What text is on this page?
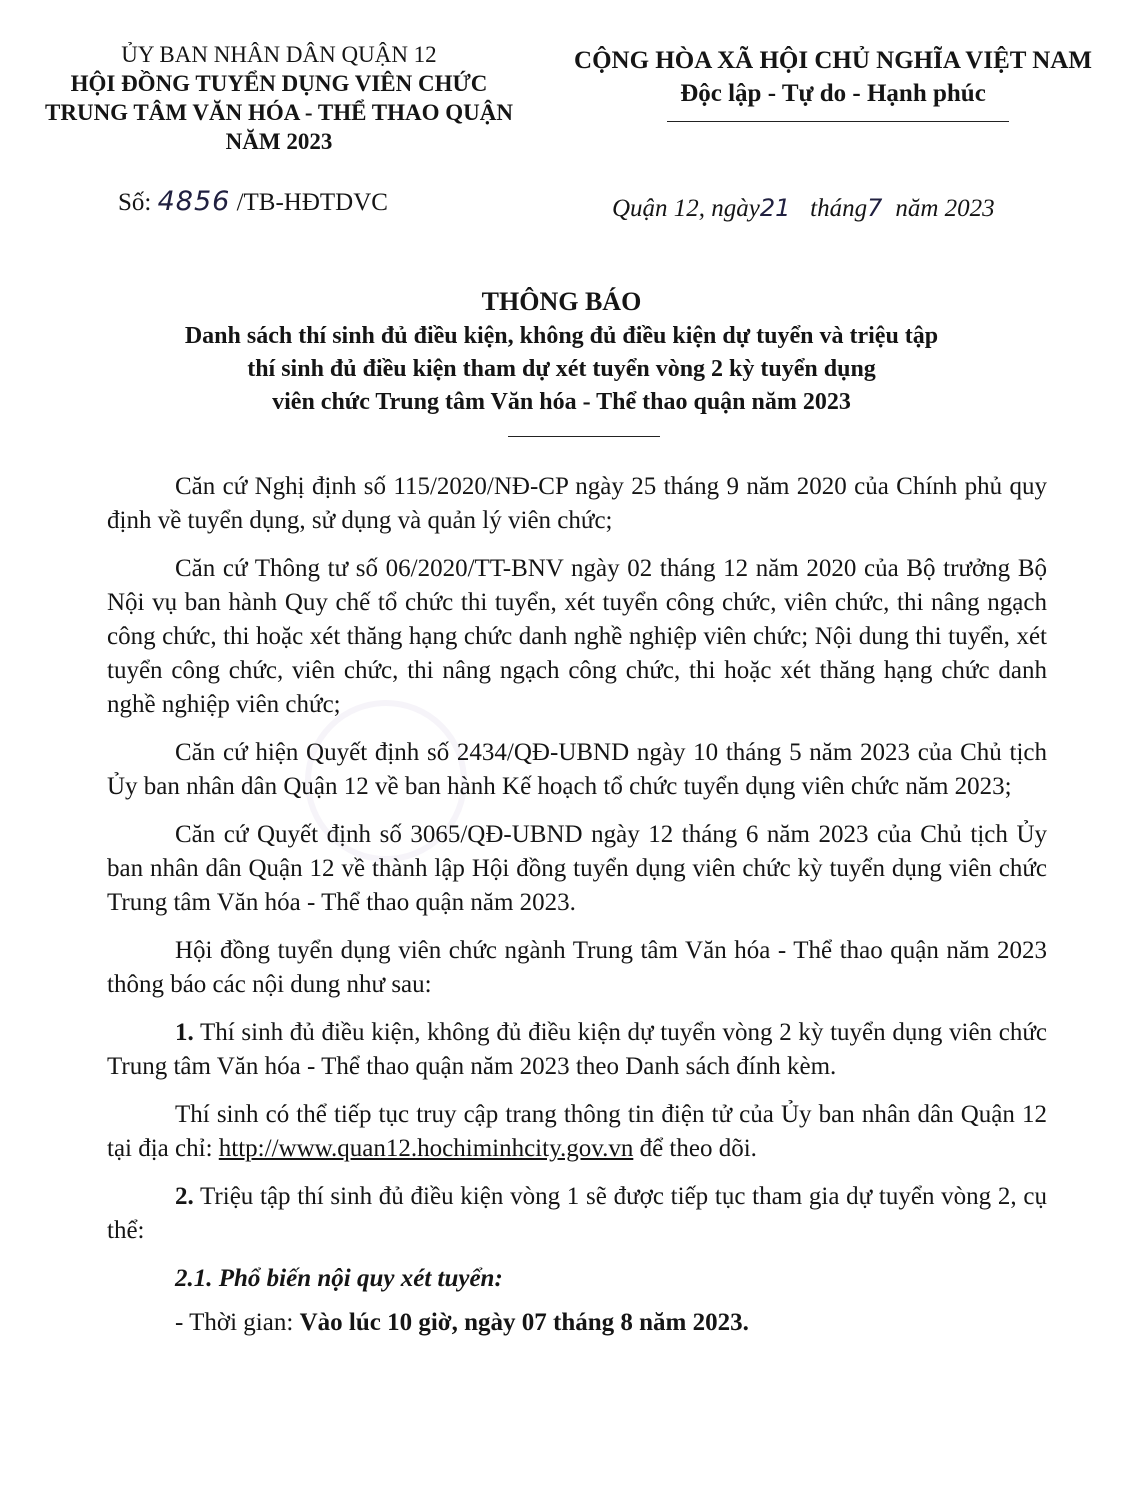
ỦY BAN NHÂN DÂN QUẬN 12
HỘI ĐỒNG TUYỂN DỤNG VIÊN CHỨC
TRUNG TÂM VĂN HÓA - THỂ THAO QUẬN
NĂM 2023
CỘNG HÒA XÃ HỘI CHỦ NGHĨA VIỆT NAM
Độc lập - Tự do - Hạnh phúc
Số: 4856 /TB-HĐTDVC	Quận 12, ngày21 tháng7 năm 2023
THÔNG BÁO
Danh sách thí sinh đủ điều kiện, không đủ điều kiện dự tuyển và triệu tập
thí sinh đủ điều kiện tham dự xét tuyển vòng 2 kỳ tuyển dụng
viên chức Trung tâm Văn hóa - Thể thao quận năm 2023

Căn cứ Nghị định số 115/2020/NĐ-CP ngày 25 tháng 9 năm 2020 của Chính phủ quy định về tuyển dụng, sử dụng và quản lý viên chức;

Căn cứ Thông tư số 06/2020/TT-BNV ngày 02 tháng 12 năm 2020 của Bộ trưởng Bộ Nội vụ ban hành Quy chế tổ chức thi tuyển, xét tuyển công chức, viên chức, thi nâng ngạch công chức, thi hoặc xét thăng hạng chức danh nghề nghiệp viên chức; Nội dung thi tuyển, xét tuyển công chức, viên chức, thi nâng ngạch công chức, thi hoặc xét thăng hạng chức danh nghề nghiệp viên chức;

Căn cứ hiện Quyết định số 2434/QĐ-UBND ngày 10 tháng 5 năm 2023 của Chủ tịch Ủy ban nhân dân Quận 12 về ban hành Kế hoạch tổ chức tuyển dụng viên chức năm 2023;

Căn cứ Quyết định số 3065/QĐ-UBND ngày 12 tháng 6 năm 2023 của Chủ tịch Ủy ban nhân dân Quận 12 về thành lập Hội đồng tuyển dụng viên chức kỳ tuyển dụng viên chức Trung tâm Văn hóa - Thể thao quận năm 2023.

Hội đồng tuyển dụng viên chức ngành Trung tâm Văn hóa - Thể thao quận năm 2023 thông báo các nội dung như sau:

1. Thí sinh đủ điều kiện, không đủ điều kiện dự tuyển vòng 2 kỳ tuyển dụng viên chức Trung tâm Văn hóa - Thể thao quận năm 2023 theo Danh sách đính kèm.

Thí sinh có thể tiếp tục truy cập trang thông tin điện tử của Ủy ban nhân dân Quận 12 tại địa chỉ: http://www.quan12.hochiminhcity.gov.vn để theo dõi.

2. Triệu tập thí sinh đủ điều kiện vòng 1 sẽ được tiếp tục tham gia dự tuyển vòng 2, cụ thể:

2.1. Phổ biến nội quy xét tuyển:

- Thời gian: Vào lúc 10 giờ, ngày 07 tháng 8 năm 2023.
